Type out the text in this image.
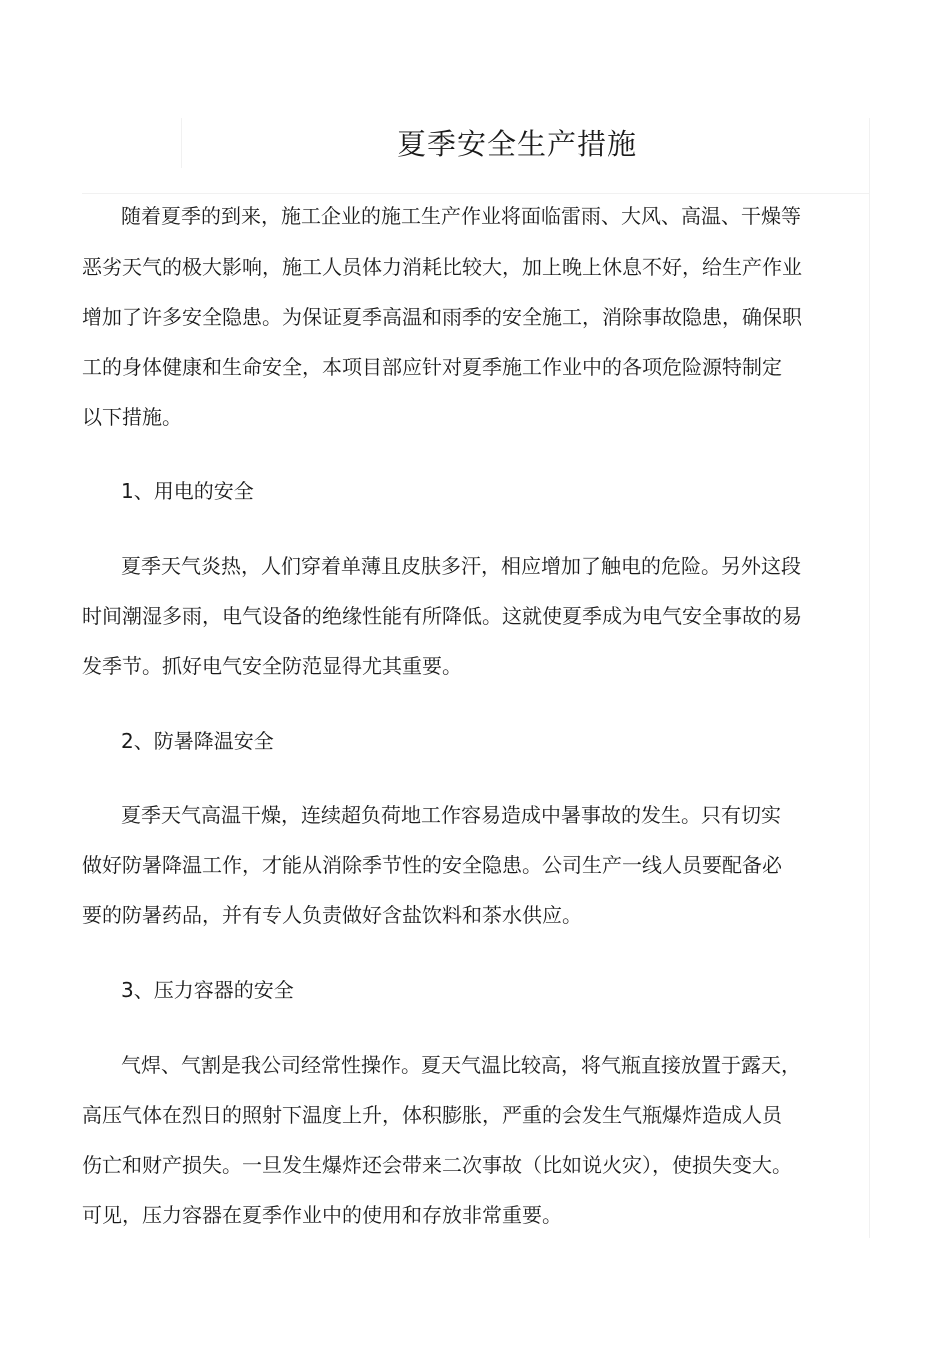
夏季安全生产措施
随着夏季的到来，施工企业的施工生产作业将面临雷雨、大风、高温、干燥等
恶劣天气的极大影响，施工人员体力消耗比较大，加上晚上休息不好，给生产作业
增加了许多安全隐患。为保证夏季高温和雨季的安全施工，消除事故隐患，确保职
工的身体健康和生命安全，本项目部应针对夏季施工作业中的各项危险源特制定
以下措施。
1、用电的安全
夏季天气炎热，人们穿着单薄且皮肤多汗，相应增加了触电的危险。另外这段
时间潮湿多雨，电气设备的绝缘性能有所降低。这就使夏季成为电气安全事故的易
发季节。抓好电气安全防范显得尤其重要。
2、防暑降温安全
夏季天气高温干燥，连续超负荷地工作容易造成中暑事故的发生。只有切实
做好防暑降温工作，才能从消除季节性的安全隐患。公司生产一线人员要配备必
要的防暑药品，并有专人负责做好含盐饮料和茶水供应。
3、压力容器的安全
气焊、气割是我公司经常性操作。夏天气温比较高，将气瓶直接放置于露天，
高压气体在烈日的照射下温度上升，体积膨胀，严重的会发生气瓶爆炸造成人员
伤亡和财产损失。一旦发生爆炸还会带来二次事故（比如说火灾），使损失变大。
可见，压力容器在夏季作业中的使用和存放非常重要。
